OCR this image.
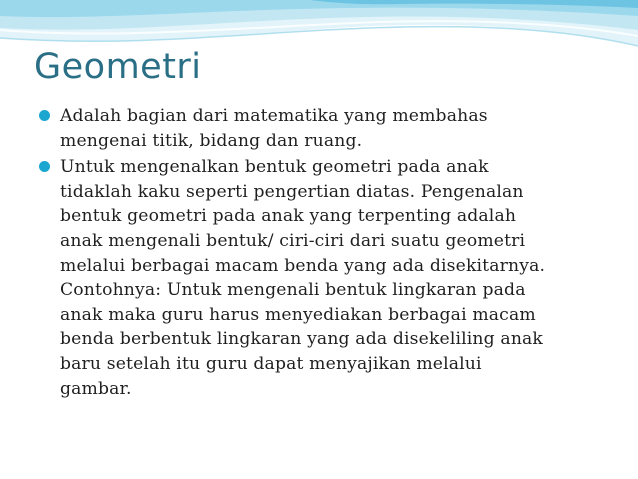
Geometri
Adalah bagian dari matematika yang membahas
mengenai titik, bidang dan ruang.
Untuk mengenalkan bentuk geometri pada anak
tidaklah kaku seperti pengertian diatas. Pengenalan
bentuk geometri pada anak yang terpenting adalah
anak mengenali bentuk/ ciri-ciri dari suatu geometri
melalui berbagai macam benda yang ada disekitarnya.
Contohnya: Untuk mengenali bentuk lingkaran pada
anak maka guru harus menyediakan berbagai macam
benda berbentuk lingkaran yang ada disekeliling anak
baru setelah itu guru dapat menyajikan melalui
gambar.
